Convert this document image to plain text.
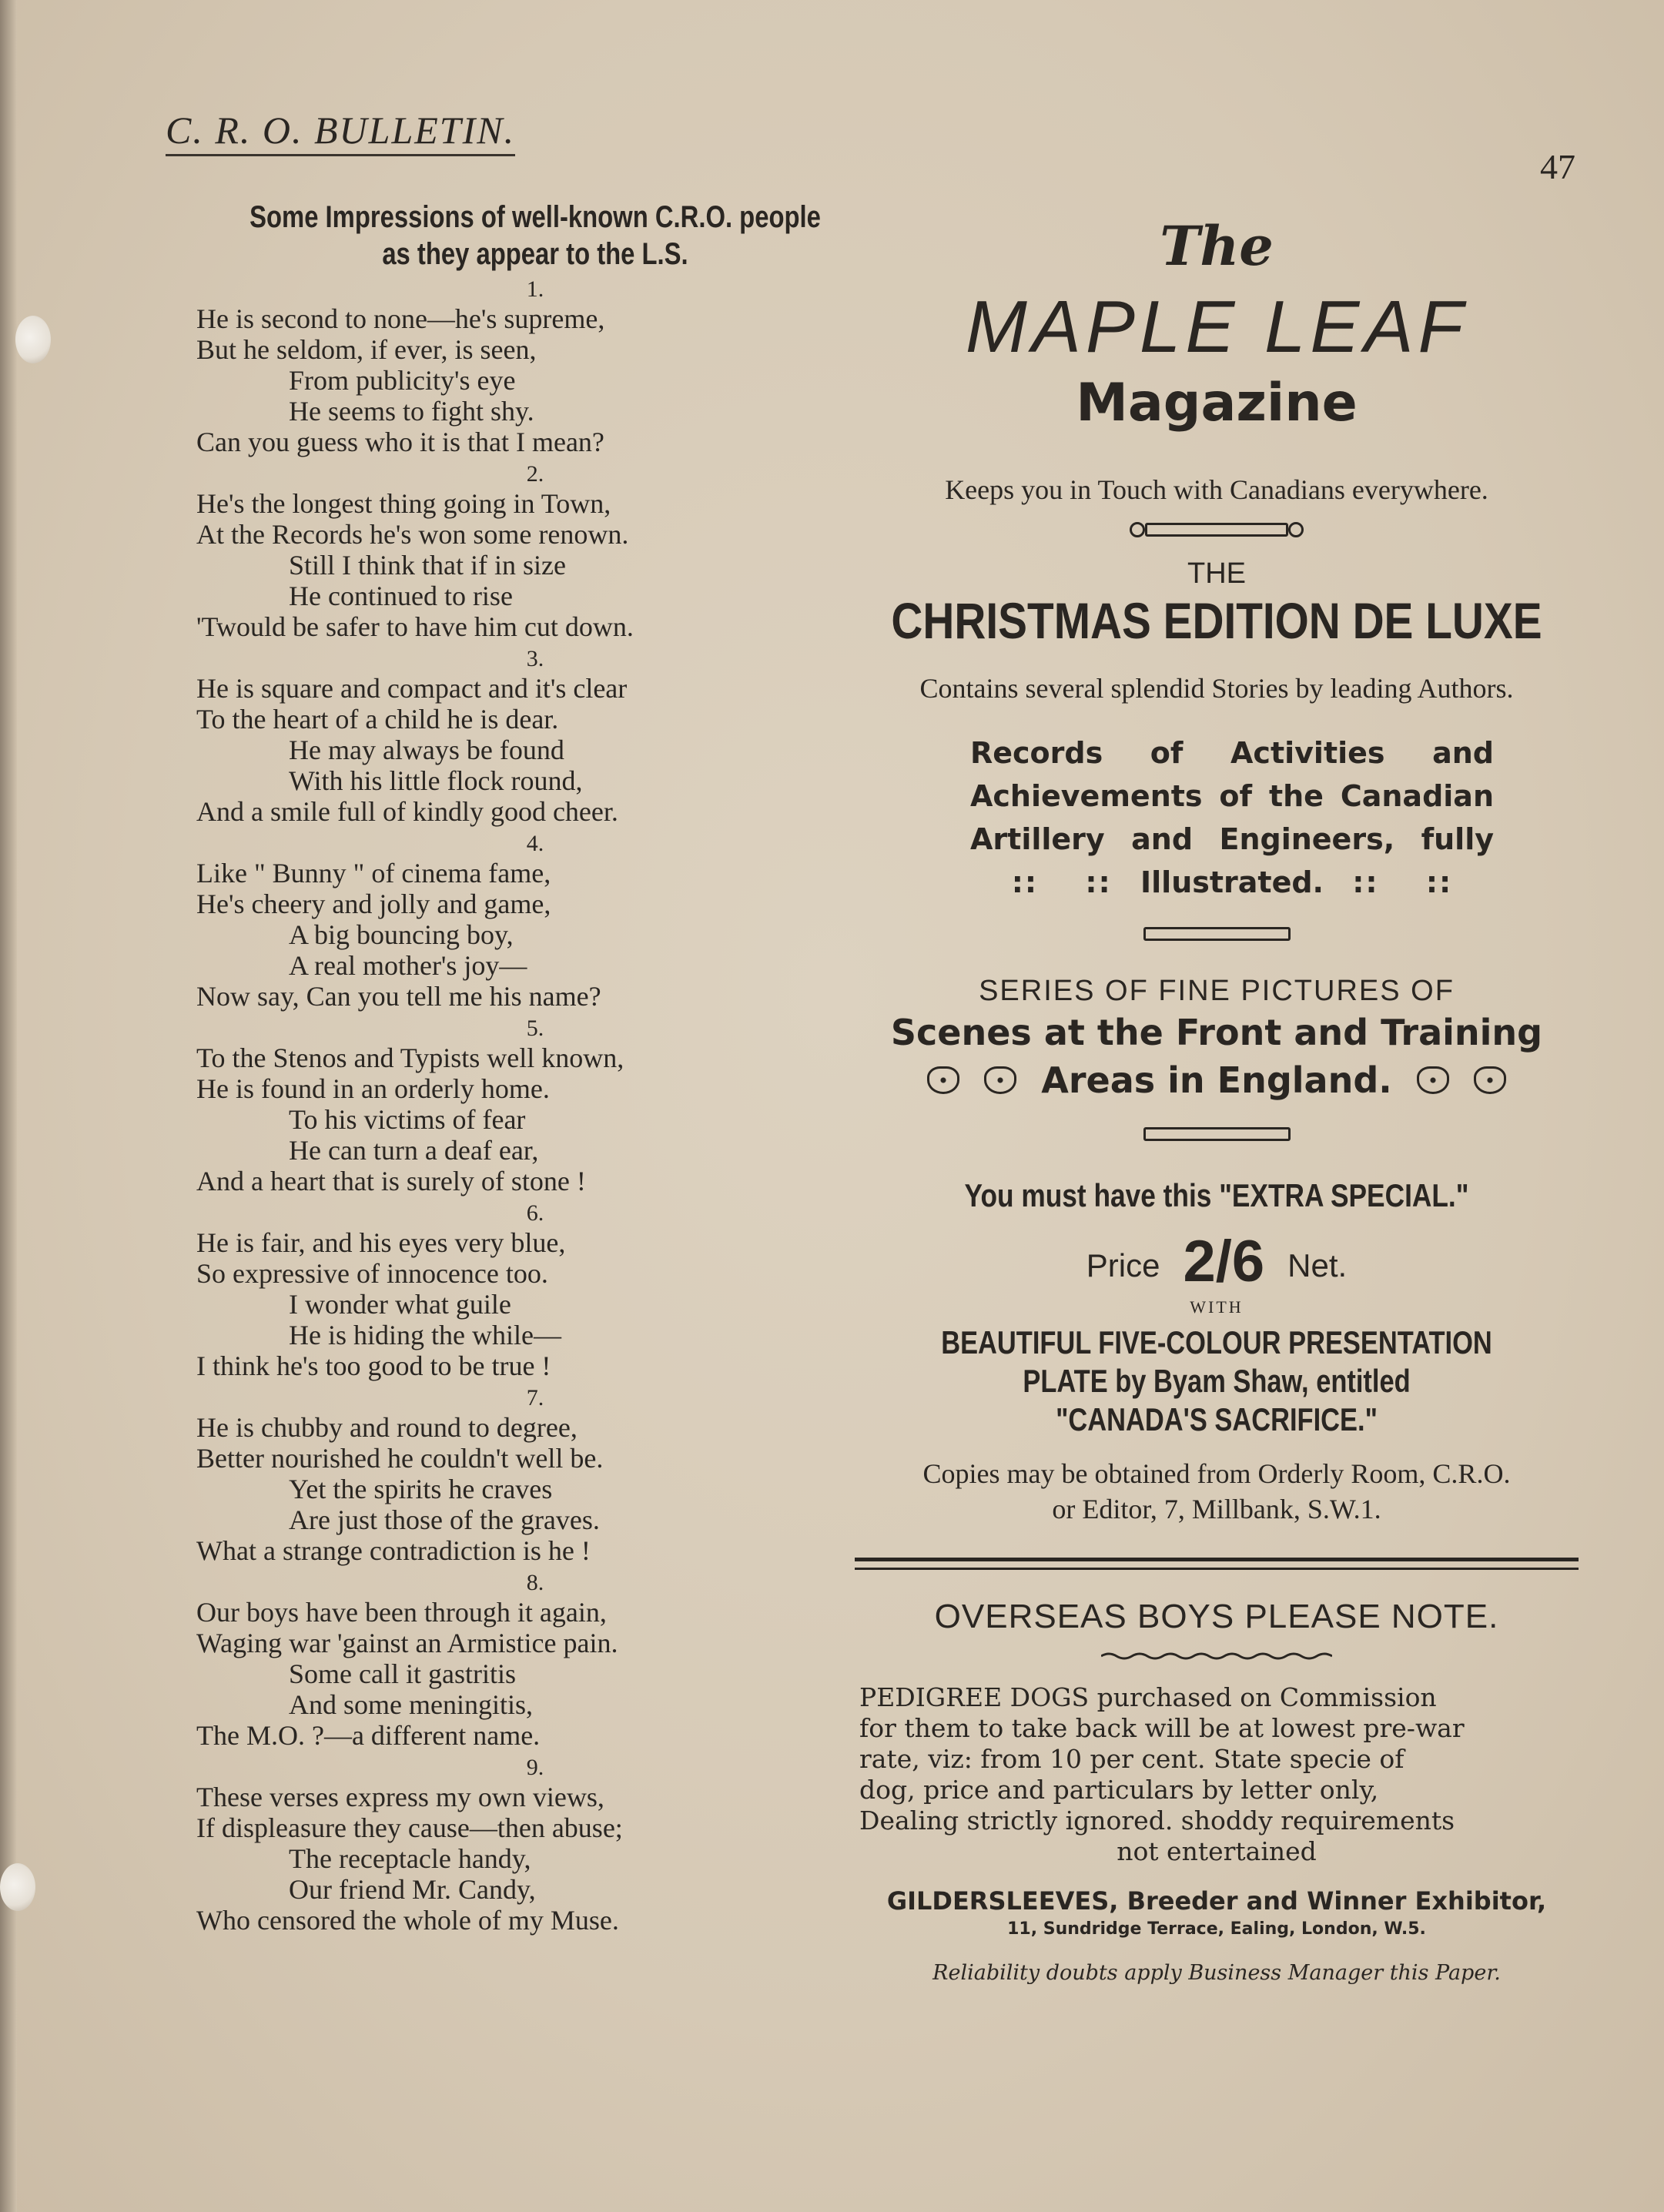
C. R. O. BULLETIN.
47
Some Impressions of well-known C.R.O. people
as they appear to the L.S.
1.
He is second to none—he's supreme,
But he seldom, if ever, is seen,
From publicity's eye
He seems to fight shy.
Can you guess who it is that I mean?
2.
He's the longest thing going in Town,
At the Records he's won some renown.
Still I think that if in size
He continued to rise
'Twould be safer to have him cut down.
3.
He is square and compact and it's clear
To the heart of a child he is dear.
He may always be found
With his little flock round,
And a smile full of kindly good cheer.
4.
Like " Bunny " of cinema fame,
He's cheery and jolly and game,
A big bouncing boy,
A real mother's joy—
Now say, Can you tell me his name?
5.
To the Stenos and Typists well known,
He is found in an orderly home.
To his victims of fear
He can turn a deaf ear,
And a heart that is surely of stone !
6.
He is fair, and his eyes very blue,
So expressive of innocence too.
I wonder what guile
He is hiding the while—
I think he's too good to be true !
7.
He is chubby and round to degree,
Better nourished he couldn't well be.
Yet the spirits he craves
Are just those of the graves.
What a strange contradiction is he !
8.
Our boys have been through it again,
Waging war 'gainst an Armistice pain.
Some call it gastritis
And some meningitis,
The M.O. ?—a different name.
9.
These verses express my own views,
If displeasure they cause—then abuse;
The receptacle handy,
Our friend Mr. Candy,
Who censored the whole of my Muse.
The
MAPLE LEAF
Magazine
Keeps you in Touch with Canadians everywhere.
THE
CHRISTMAS EDITION DE LUXE
Contains several splendid Stories by leading Authors.
Records of Activities and
Achievements of the Canadian
Artillery and Engineers, fully
:: :: Illustrated. :: ::
SERIES OF FINE PICTURES OF
Scenes at the Front and Training
Areas in England.
You must have this "EXTRA SPECIAL."
Price 2/6 Net.
WITH
BEAUTIFUL FIVE-COLOUR PRESENTATION
PLATE by Byam Shaw, entitled
"CANADA'S SACRIFICE."
Copies may be obtained from Orderly Room, C.R.O.
or Editor, 7, Millbank, S.W.1.
OVERSEAS BOYS PLEASE NOTE.
PEDIGREE DOGS purchased on Commission
for them to take back will be at lowest pre-war
rate, viz: from 10 per cent. State specie of
dog, price and particulars by letter only,
Dealing strictly ignored. shoddy requirements
not entertained
GILDERSLEEVES, Breeder and Winner Exhibitor,
11, Sundridge Terrace, Ealing, London, W.5.
Reliability doubts apply Business Manager this Paper.
